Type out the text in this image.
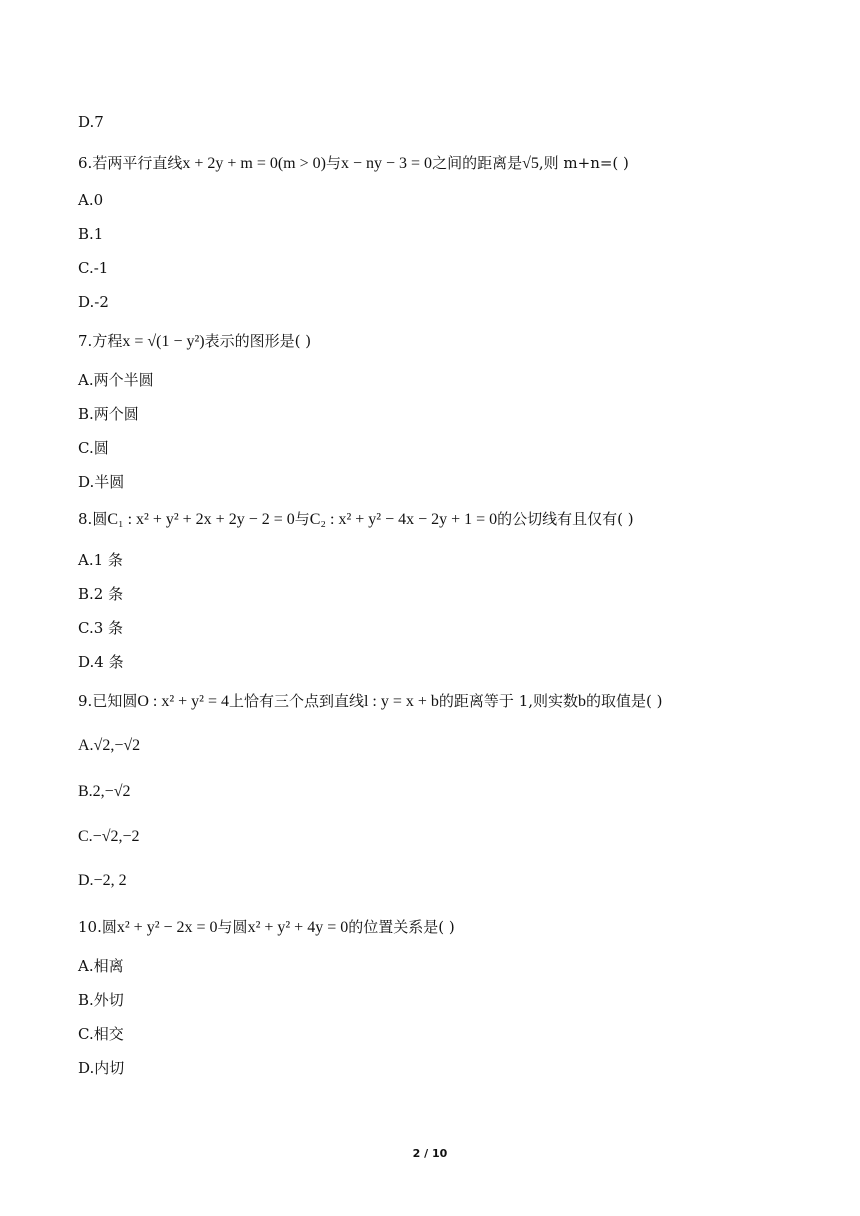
D.7
6.若两平行直线x + 2y + m = 0(m > 0)与x − ny − 3 = 0之间的距离是√5,则 m+n=( )
A.0
B.1
C.-1
D.-2
7.方程x = √(1 − y²)表示的图形是( )
A.两个半圆
B.两个圆
C.圆
D.半圆
8.圆C₁ : x² + y² + 2x + 2y − 2 = 0与C₂ : x² + y² − 4x − 2y + 1 = 0的公切线有且仅有( )
A.1 条
B.2 条
C.3 条
D.4 条
9.已知圆O : x² + y² = 4上恰有三个点到直线l : y = x + b的距离等于 1,则实数b的取值是( )
A.√2,−√2
B.2,−√2
C.−√2,−2
D.−2, 2
10.圆x² + y² − 2x = 0与圆x² + y² + 4y = 0的位置关系是( )
A.相离
B.外切
C.相交
D.内切
2 / 10
